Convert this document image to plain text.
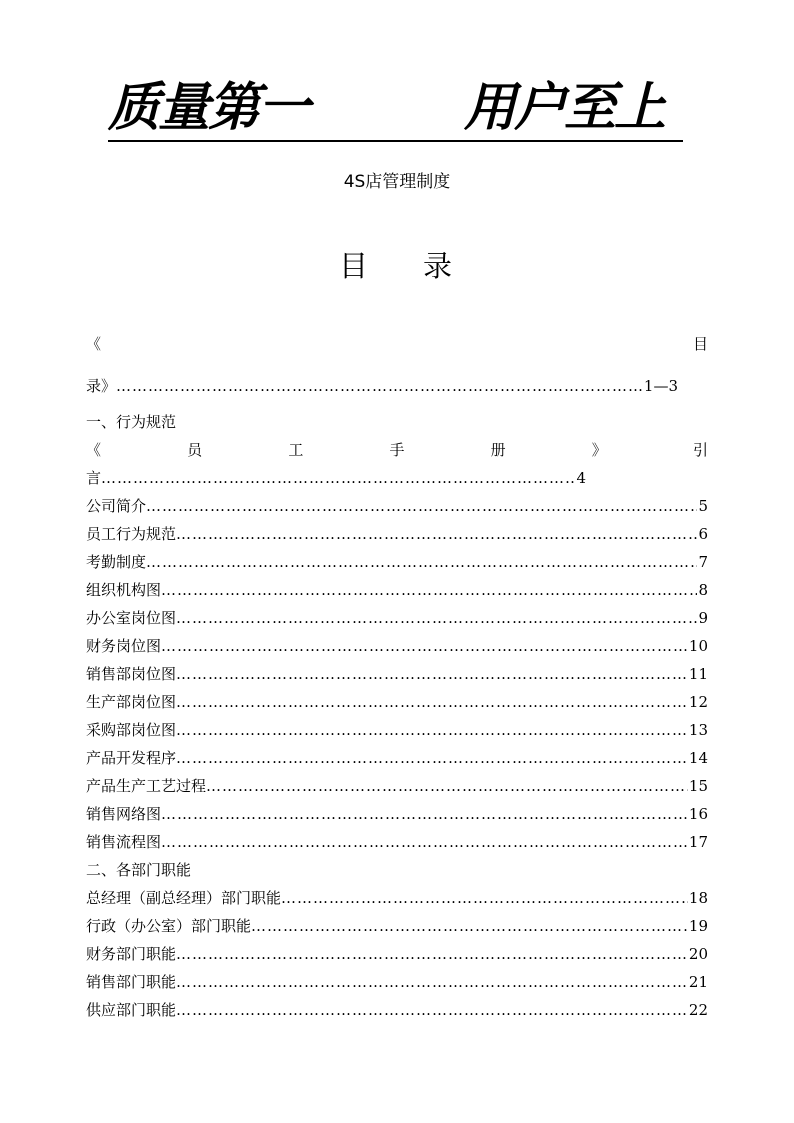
质量第一	用户至上
4S店管理制度
目 录
《	目
录》 ……………………………………………………………………………………………………………………………………………………………………	1—3
一、行为规范
《	员	工	手	册	》	引
言 ……………………………………………………………………………………………………………………………………………………………………	4
公司简介 ……………………………………………………………………………………………………………………………………………………………………	5
员工行为规范 ……………………………………………………………………………………………………………………………………………………………………	6
考勤制度 ……………………………………………………………………………………………………………………………………………………………………	7
组织机构图 ……………………………………………………………………………………………………………………………………………………………………	8
办公室岗位图 ……………………………………………………………………………………………………………………………………………………………………	9
财务岗位图 ……………………………………………………………………………………………………………………………………………………………………	10
销售部岗位图 ……………………………………………………………………………………………………………………………………………………………………	11
生产部岗位图 ……………………………………………………………………………………………………………………………………………………………………	12
采购部岗位图 ……………………………………………………………………………………………………………………………………………………………………	13
产品开发程序 ……………………………………………………………………………………………………………………………………………………………………	14
产品生产工艺过程 ……………………………………………………………………………………………………………………………………………………………………	15
销售网络图 ……………………………………………………………………………………………………………………………………………………………………	16
销售流程图 ……………………………………………………………………………………………………………………………………………………………………	17
二、各部门职能
总经理（副总经理）部门职能 ……………………………………………………………………………………………………………………………………………………………………	18
行政（办公室）部门职能 ……………………………………………………………………………………………………………………………………………………………………	19
财务部门职能 ……………………………………………………………………………………………………………………………………………………………………	20
销售部门职能 ……………………………………………………………………………………………………………………………………………………………………	21
供应部门职能 ……………………………………………………………………………………………………………………………………………………………………	22
